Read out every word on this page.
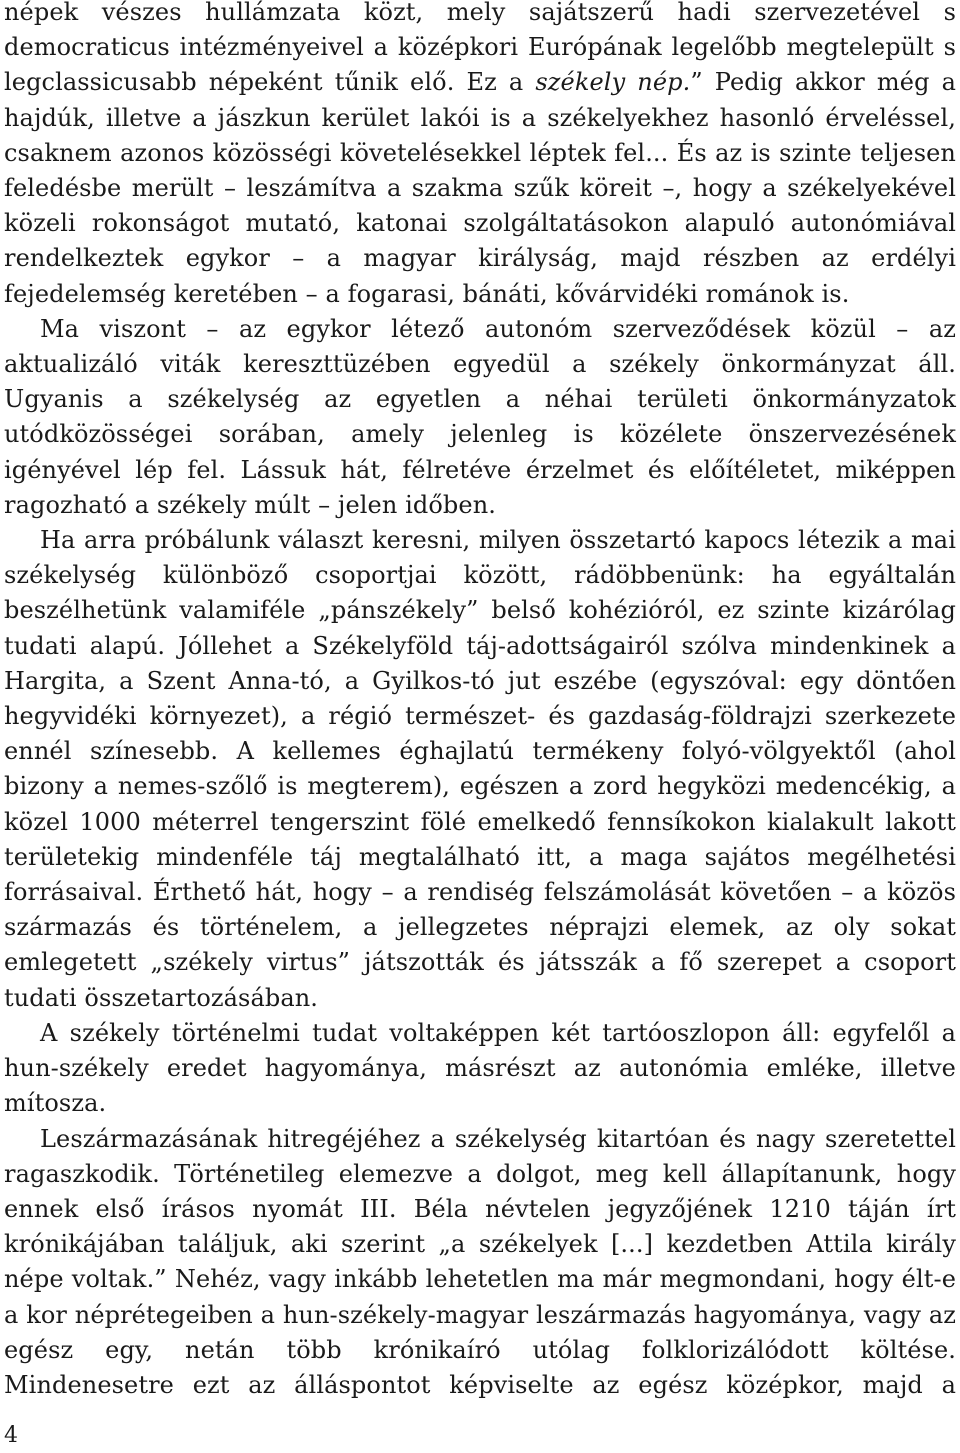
népek vészes hullámzata közt, mely sajátszerű hadi szervezetével s democraticus intézményeivel a középkori Európának legelőbb megtelepült s legclassicusabb népeként tűnik elő. Ez a székely nép.” Pedig akkor még a hajdúk, illetve a jászkun kerület lakói is a székelyekhez hasonló érveléssel, csaknem azonos közösségi követelésekkel léptek fel... És az is szinte teljesen feledésbe merült – leszámítva a szakma szűk köreit –, hogy a székelyekével közeli rokonságot mutató, katonai szolgáltatásokon alapuló autonómiával rendelkeztek egykor – a magyar királyság, majd részben az erdélyi fejedelemség keretében – a fogarasi, bánáti, kővárvidéki románok is.

Ma viszont – az egykor létező autonóm szerveződések közül – az aktualizáló viták kereszttüzében egyedül a székely önkormányzat áll. Ugyanis a székelység az egyetlen a néhai területi önkormányzatok utódközösségei sorában, amely jelenleg is közélete önszervezésének igényével lép fel. Lássuk hát, félretéve érzelmet és előítéletet, miképpen ragozható a székely múlt – jelen időben.

Ha arra próbálunk választ keresni, milyen összetartó kapocs létezik a mai székelység különböző csoportjai között, rádöbbenünk: ha egyáltalán beszélhetünk valamiféle „pánszékely” belső kohézióról, ez szinte kizárólag tudati alapú. Jóllehet a Székelyföld táj-adottságairól szólva mindenkinek a Hargita, a Szent Anna-tó, a Gyilkos-tó jut eszébe (egyszóval: egy döntően hegyvidéki környezet), a régió természet- és gazdaság-földrajzi szerkezete ennél színesebb. A kellemes éghajlatú termékeny folyó-völgyektől (ahol bizony a nemes-szőlő is megterem), egészen a zord hegyközi medencékig, a közel 1000 méterrel tengerszint fölé emelkedő fennsíkokon kialakult lakott területekig mindenféle táj megtalálható itt, a maga sajátos megélhetési forrásaival. Érthető hát, hogy – a rendiség felszámolását követően – a közös származás és történelem, a jellegzetes néprajzi elemek, az oly sokat emlegetett „székely virtus” játszották és játsszák a fő szerepet a csoport tudati összetartozásában.

A székely történelmi tudat voltaképpen két tartóoszlopon áll: egyfelől a hun-székely eredet hagyománya, másrészt az autonómia emléke, illetve mítosza.

Leszármazásának hitregéjéhez a székelység kitartóan és nagy szeretettel ragaszkodik. Történetileg elemezve a dolgot, meg kell állapítanunk, hogy ennek első írásos nyomát III. Béla névtelen jegyzőjének 1210 táján írt krónikájában találjuk, aki szerint „a székelyek [...] kezdetben Attila király népe voltak.” Nehéz, vagy inkább lehetetlen ma már megmondani, hogy élt-e a kor néprétegeiben a hun-székely-magyar leszármazás hagyománya, vagy az egész egy, netán több krónikaíró utólag folklorizálódott költése. Mindenesetre ezt az álláspontot képviselte az egész középkor, majd a

4
